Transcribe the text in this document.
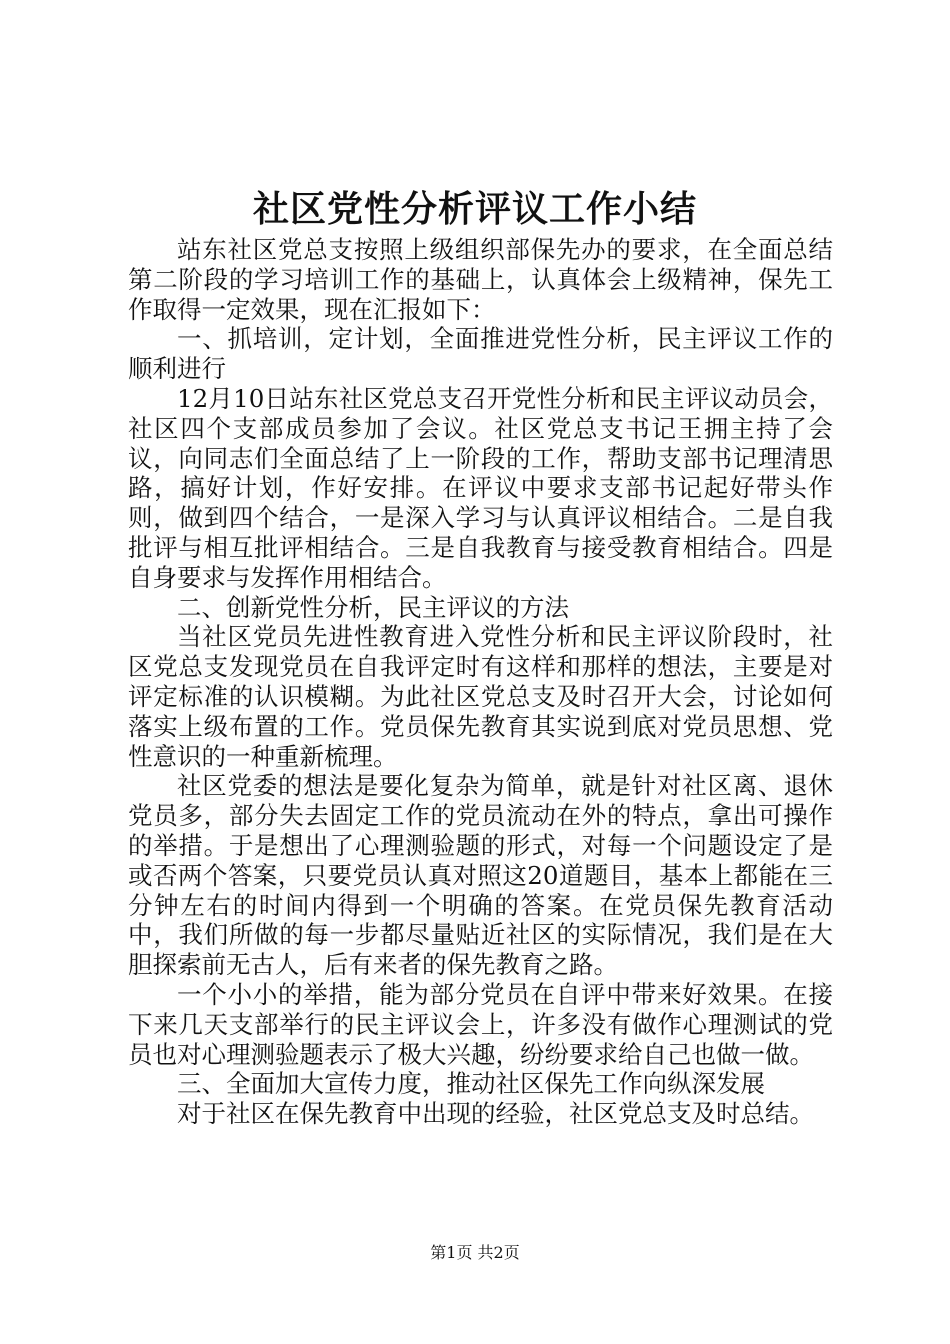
社区党性分析评议工作小结

站东社区党总支按照上级组织部保先办的要求，在全面总结第二阶段的学习培训工作的基础上，认真体会上级精神，保先工作取得一定效果，现在汇报如下：

一、抓培训，定计划，全面推进党性分析，民主评议工作的顺利进行

12月10日站东社区党总支召开党性分析和民主评议动员会，社区四个支部成员参加了会议。社区党总支书记王拥主持了会议，向同志们全面总结了上一阶段的工作，帮助支部书记理清思路，搞好计划，作好安排。在评议中要求支部书记起好带头作则，做到四个结合，一是深入学习与认真评议相结合。二是自我批评与相互批评相结合。三是自我教育与接受教育相结合。四是自身要求与发挥作用相结合。

二、创新党性分析，民主评议的方法

当社区党员先进性教育进入党性分析和民主评议阶段时，社区党总支发现党员在自我评定时有这样和那样的想法，主要是对评定标准的认识模糊。为此社区党总支及时召开大会，讨论如何落实上级布置的工作。党员保先教育其实说到底对党员思想、党性意识的一种重新梳理。

社区党委的想法是要化复杂为简单，就是针对社区离、退休党员多，部分失去固定工作的党员流动在外的特点，拿出可操作的举措。于是想出了心理测验题的形式，对每一个问题设定了是或否两个答案，只要党员认真对照这20道题目，基本上都能在三分钟左右的时间内得到一个明确的答案。在党员保先教育活动中，我们所做的每一步都尽量贴近社区的实际情况，我们是在大胆探索前无古人，后有来者的保先教育之路。

一个小小的举措，能为部分党员在自评中带来好效果。在接下来几天支部举行的民主评议会上，许多没有做作心理测试的党员也对心理测验题表示了极大兴趣，纷纷要求给自己也做一做。

三、全面加大宣传力度，推动社区保先工作向纵深发展

对于社区在保先教育中出现的经验，社区党总支及时总结。

第1页 共2页
